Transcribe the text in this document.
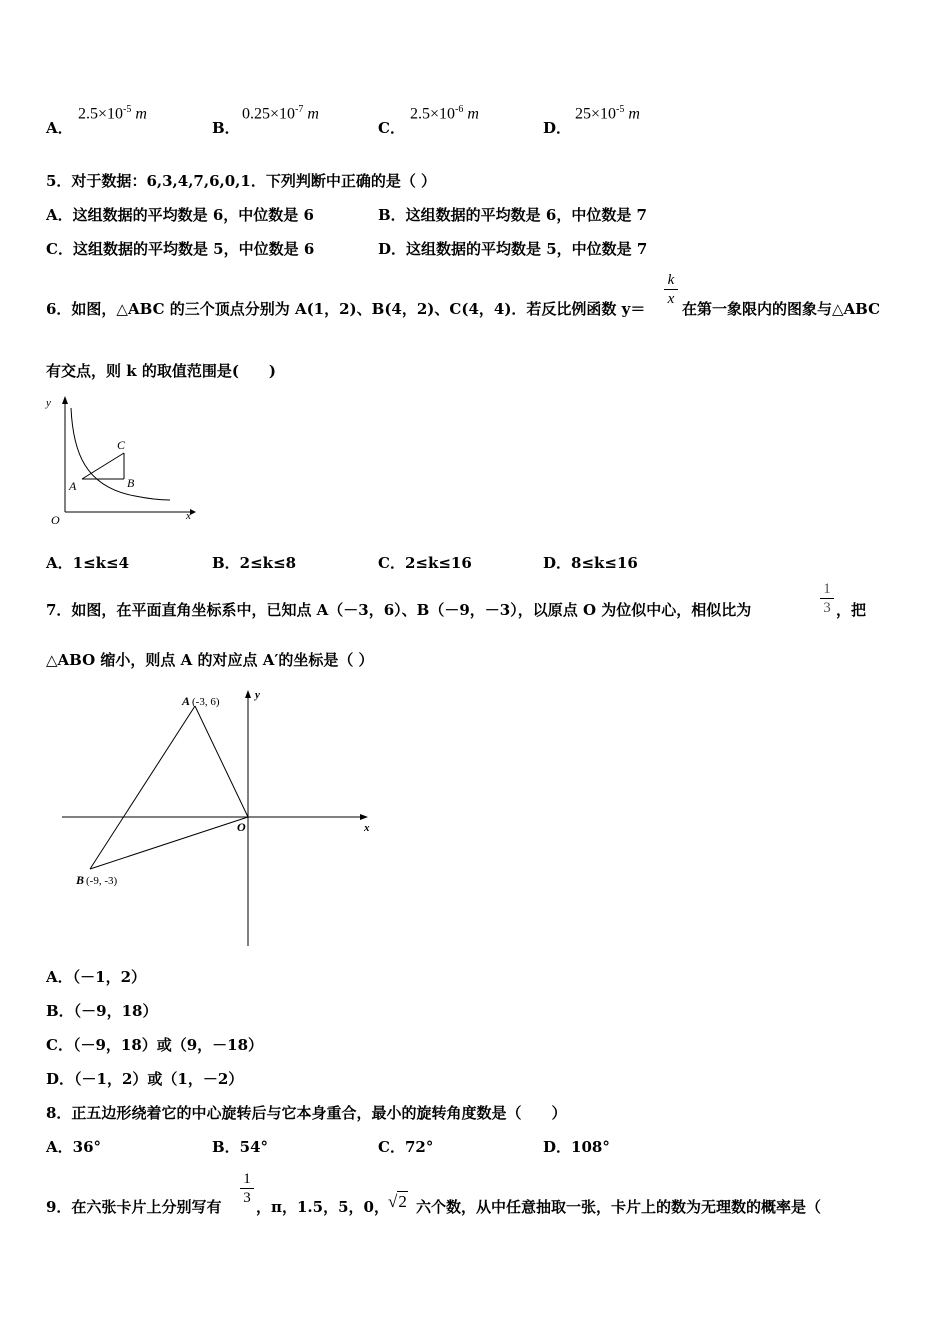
A．
$2.5\times 10^{-5}$ m
B．
$0.25\times 10^{-7}$ m
C．
$2.5\times 10^{-6}$ m
D．
$25\times 10^{-5}$ m
5．对于数据：6,3,4,7,6,0,1．下列判断中正确的是（ ）
A．这组数据的平均数是 6，中位数是 6	B．这组数据的平均数是 6，中位数是 7
C．这组数据的平均数是 5，中位数是 6	D．这组数据的平均数是 5，中位数是 7
6．如图，△ABC 的三个顶点分别为 A(1，2)、B(4，2)、C(4，4)．若反比例函数 y＝
k
x
在第一象限内的图象与△ABC
有交点，则 k 的取值范围是(　　)
y
x
O
A	B
C
A．1≤k≤4	B．2≤k≤8	C．2≤k≤16	D．8≤k≤16
7．如图，在平面直角坐标系中，已知点 A（－3，6）、B（－9，－3），以原点 O 为位似中心，相似比为
1
3 ，把
△ABO 缩小，则点 A 的对应点 A′的坐标是（ ）
A (-3, 6)
B (-9, -3)
O	x
y
A．（－1，2）
B．（－9，18）
C．（－9，18）或（9，－18）
D．（－1，2）或（1，－2）
8．正五边形绕着它的中心旋转后与它本身重合，最小的旋转角度数是（　　）
A．36°	B．54°	C．72°	D．108°
9．在六张卡片上分别写有
1
3 ，π，1.5，5，0， √2 六个数，从中任意抽取一张，卡片上的数为无理数的概率是（
